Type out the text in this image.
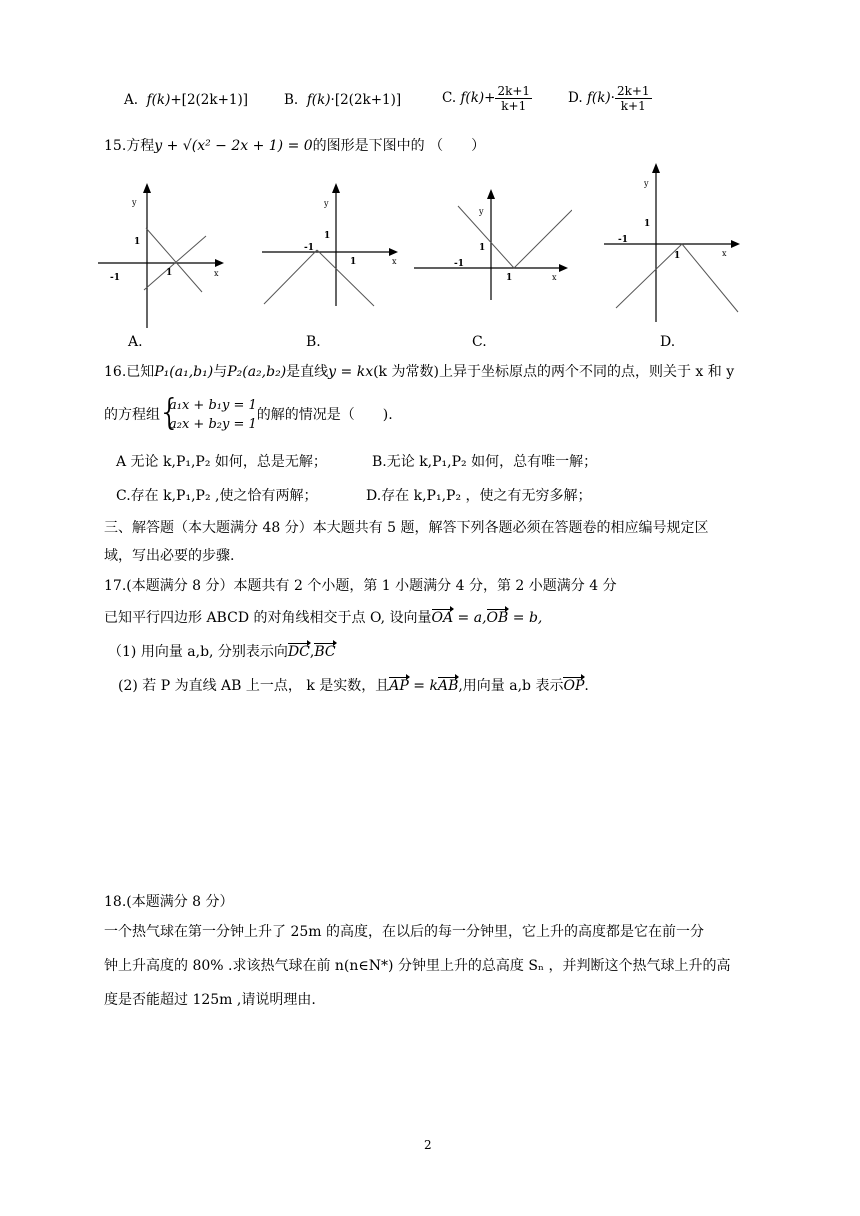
A. f(k)+[2(2k+1)]	B. f(k)·[2(2k+1)]	C. $f(k)+ \frac{2k+1}{k+1}$	D. $f(k)\cdot \frac{2k+1}{k+1}$
15.方程y + √(x² − 2x + 1) = 0的图形是下图中的 （　　）
y
x
1
1
-1
A.
y
x
1
1
-1
B.
y
x
1
1
-1
C.
y
x
1
1
-1
D.
16.已知P₁(a₁,b₁)与P₂(a₂,b₂)是直线y = kx(k 为常数)上异于坐标原点的两个不同的点，则关于 x 和 y
的方程组
{ a₁x + b₁y = 1
a₂x + b₂y = 1
的解的情况是（　　).
A 无论 k,P₁,P₂ 如何，总是无解；	B.无论 k,P₁,P₂ 如何，总有唯一解；
C.存在 k,P₁,P₂ ,使之恰有两解；	D.存在 k,P₁,P₂ ，使之有无穷多解；
三、解答题（本大题满分 48 分）本大题共有 5 题，解答下列各题必须在答题卷的相应编号规定区
域，写出必要的步骤.
17.(本题满分 8 分）本题共有 2 个小题，第 1 小题满分 4 分，第 2 小题满分 4 分
已知平行四边形 ABCD 的对角线相交于点 O, 设向量OA = a,OB = b,
（1) 用向量 a,b, 分别表示向DC,BC
(2) 若 P 为直线 AB 上一点， k 是实数，且AP = kAB,用向量 a,b 表示OP.
18.(本题满分 8 分）
一个热气球在第一分钟上升了 25m 的高度，在以后的每一分钟里，它上升的高度都是它在前一分
钟上升高度的 80% .求该热气球在前 n(n∈N*) 分钟里上升的总高度 Sₙ ，并判断这个热气球上升的高
度是否能超过 125m ,请说明理由.
2
